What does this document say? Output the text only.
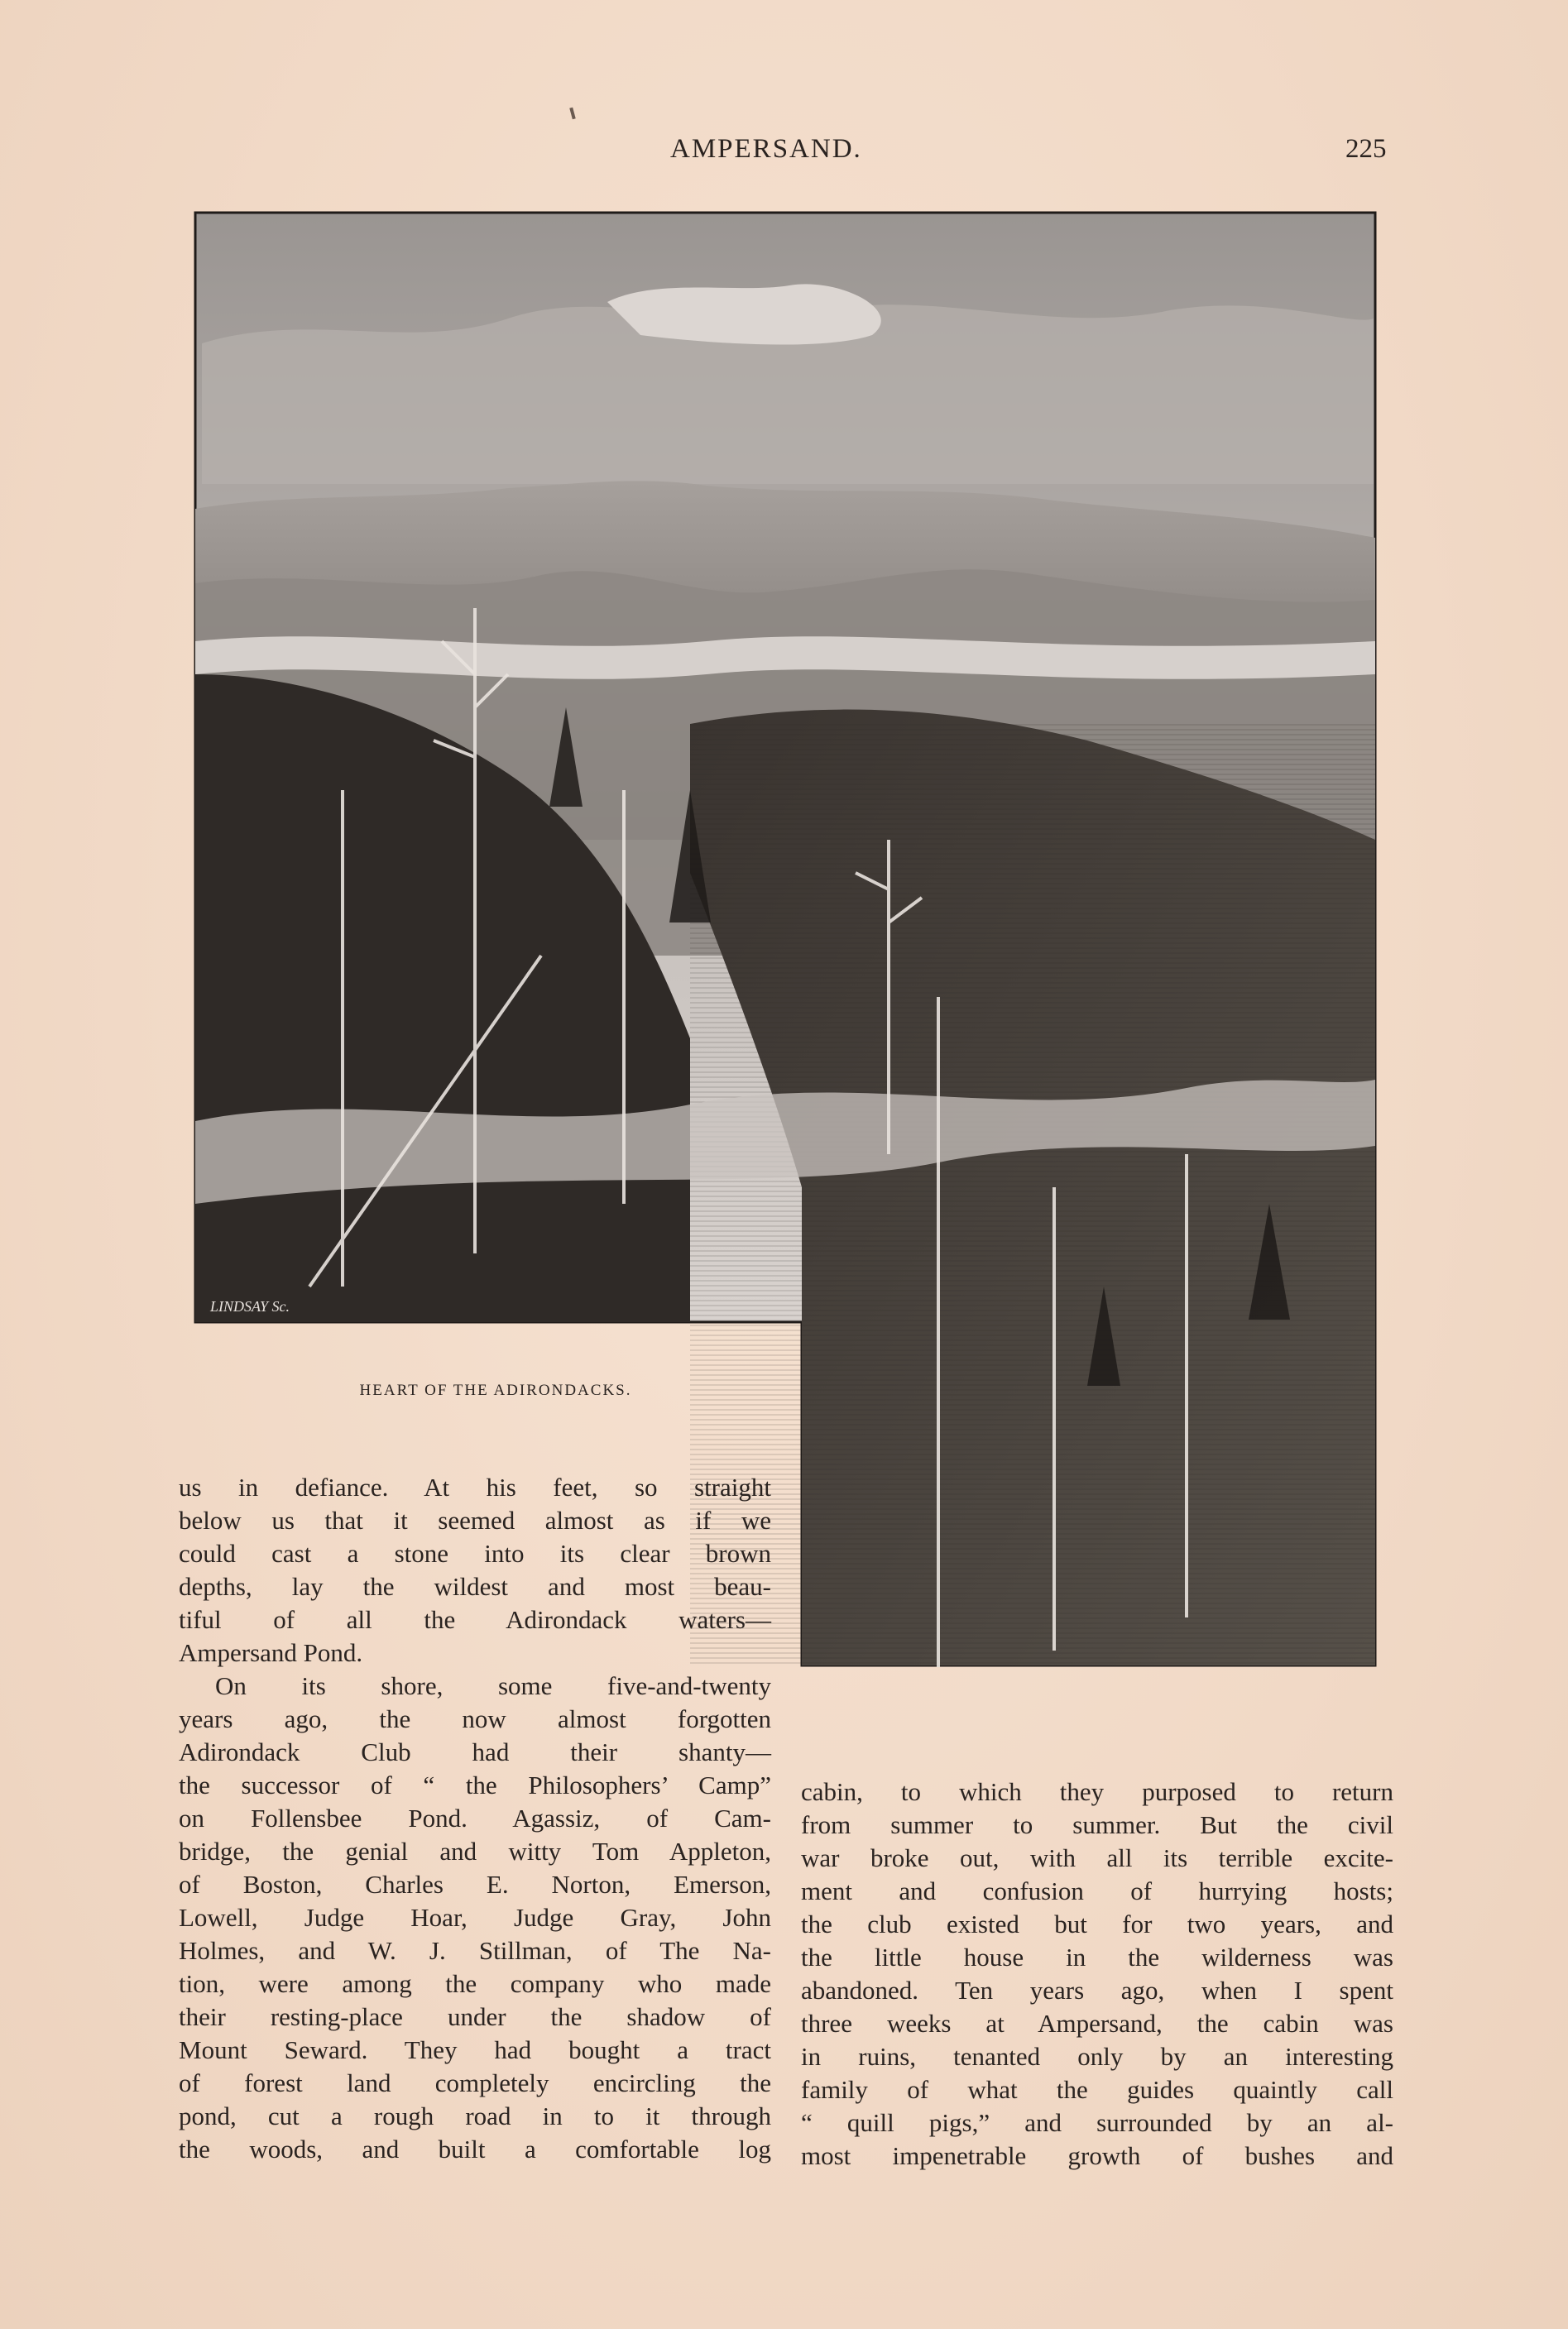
AMPERSAND.	225
LINDSAY Sc.
HEART OF THE ADIRONDACKS.
us in defiance. At his feet, so straight
below us that it seemed almost as if we
could cast a stone into its clear brown
depths, lay the wildest and most beau-
tiful of all the Adirondack waters—
Ampersand Pond.
On its shore, some five-and-twenty
years ago, the now almost forgotten
Adirondack Club had their shanty—
the successor of “ the Philosophers’ Camp”
on Follensbee Pond. Agassiz, of Cam-
bridge, the genial and witty Tom Appleton,
of Boston, Charles E. Norton, Emerson,
Lowell, Judge Hoar, Judge Gray, John
Holmes, and W. J. Stillman, of The Na-
tion, were among the company who made
their resting-place under the shadow of
Mount Seward. They had bought a tract
of forest land completely encircling the
pond, cut a rough road in to it through
the woods, and built a comfortable log
cabin, to which they purposed to return
from summer to summer. But the civil
war broke out, with all its terrible excite-
ment and confusion of hurrying hosts;
the club existed but for two years, and
the little house in the wilderness was
abandoned. Ten years ago, when I spent
three weeks at Ampersand, the cabin was
in ruins, tenanted only by an interesting
family of what the guides quaintly call
“ quill pigs,” and surrounded by an al-
most impenetrable growth of bushes and
